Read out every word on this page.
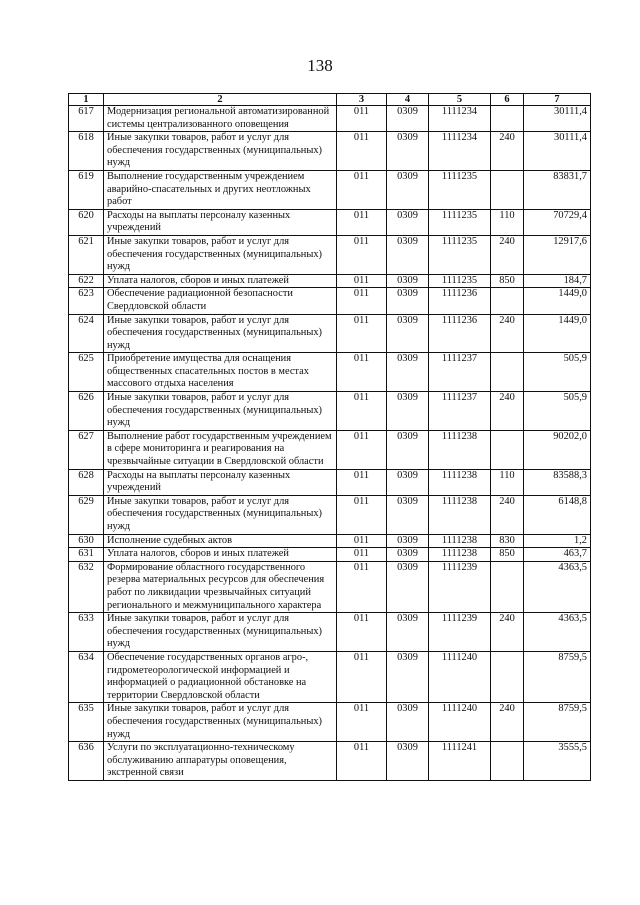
138
1	2	3	4	5	6	7
617	Модернизация региональной автоматизированной системы централизованного оповещения	011	0309	1111234		30111,4
618	Иные закупки товаров, работ и услуг для обеспечения государственных (муниципальных) нужд	011	0309	1111234	240	30111,4
619	Выполнение государственным учреждением аварийно-спасательных и других неотложных работ	011	0309	1111235		83831,7
620	Расходы на выплаты персоналу казенных учреждений	011	0309	1111235	110	70729,4
621	Иные закупки товаров, работ и услуг для обеспечения государственных (муниципальных) нужд	011	0309	1111235	240	12917,6
622	Уплата налогов, сборов и иных платежей	011	0309	1111235	850	184,7
623	Обеспечение радиационной безопасности Свердловской области	011	0309	1111236		1449,0
624	Иные закупки товаров, работ и услуг для обеспечения государственных (муниципальных) нужд	011	0309	1111236	240	1449,0
625	Приобретение имущества для оснащения общественных спасательных постов в местах массового отдыха населения	011	0309	1111237		505,9
626	Иные закупки товаров, работ и услуг для обеспечения государственных (муниципальных) нужд	011	0309	1111237	240	505,9
627	Выполнение работ государственным учреждением в сфере мониторинга и реагирования на чрезвычайные ситуации в Свердловской области	011	0309	1111238		90202,0
628	Расходы на выплаты персоналу казенных учреждений	011	0309	1111238	110	83588,3
629	Иные закупки товаров, работ и услуг для обеспечения государственных (муниципальных) нужд	011	0309	1111238	240	6148,8
630	Исполнение судебных актов	011	0309	1111238	830	1,2
631	Уплата налогов, сборов и иных платежей	011	0309	1111238	850	463,7
632	Формирование областного государственного резерва материальных ресурсов для обеспечения работ по ликвидации чрезвычайных ситуаций регионального и межмуниципального характера	011	0309	1111239		4363,5
633	Иные закупки товаров, работ и услуг для обеспечения государственных (муниципальных) нужд	011	0309	1111239	240	4363,5
634	Обеспечение государственных органов агро-, гидрометеорологической информацией и информацией о радиационной обстановке на территории Свердловской области	011	0309	1111240		8759,5
635	Иные закупки товаров, работ и услуг для обеспечения государственных (муниципальных) нужд	011	0309	1111240	240	8759,5
636	Услуги по эксплуатационно-техническому обслуживанию аппаратуры оповещения, экстренной связи	011	0309	1111241		3555,5
